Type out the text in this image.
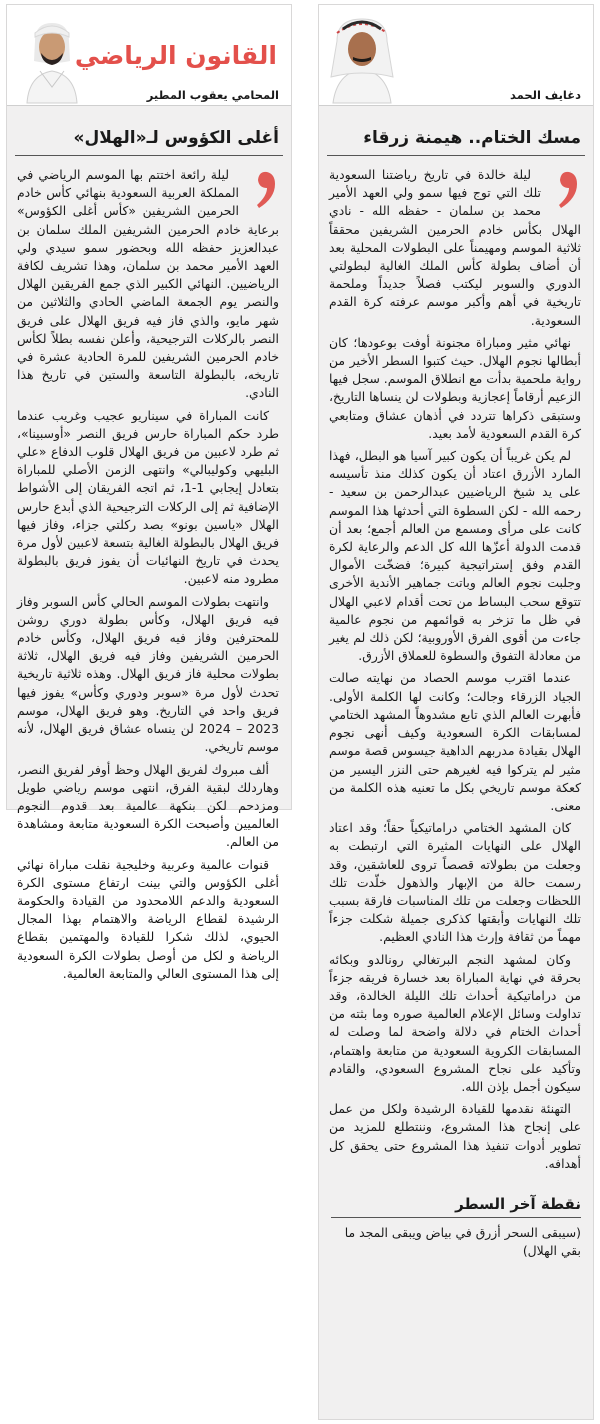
القانون الرياضي
المحامي يعقوب المطير
أغلى الكؤوس لـ«الهلال»

ليلة رائعة اختتم بها الموسم الرياضي في المملكة العربية السعودية بنهائي كأس خادم الحرمين الشريفين «كأس أغلى الكؤوس» برعاية خادم الحرمين الشريفين الملك سلمان بن عبدالعزيز حفظه الله وبحضور سمو سيدي ولي العهد الأمير محمد بن سلمان، وهذا تشريف لكافة الرياضيين. النهائي الكبير الذي جمع الفريقين الهلال والنصر يوم الجمعة الماضي الحادي والثلاثين من شهر مايو، والذي فاز فيه فريق الهلال على فريق النصر بالركلات الترجيحية، وأعلن نفسه بطلاً لكأس خادم الحرمين الشريفين للمرة الحادية عشرة في تاريخه، بالبطولة التاسعة والستين في تاريخ هذا النادي.

كانت المباراة في سيناريو عجيب وغريب عندما طرد حكم المباراة حارس فريق النصر «أوسبينا»، ثم طرد لاعبين من فريق الهلال قلوب الدفاع «علي البليهي وكوليبالي» وانتهى الزمن الأصلي للمباراة بتعادل إيجابي 1-1، ثم اتجه الفريقان إلى الأشواط الإضافية ثم إلى الركلات الترجيحية الذي أبدع حارس الهلال «ياسين بونو» بصد ركلتي جزاء، وفاز فيها فريق الهلال بالبطولة الغالية بتسعة لاعبين لأول مرة يحدث في تاريخ النهائيات أن يفوز فريق بالبطولة مطرود منه لاعبين.

وانتهت بطولات الموسم الحالي كأس السوبر وفاز فيه فريق الهلال، وكأس بطولة دوري روشن للمحترفين وفاز فيه فريق الهلال، وكأس خادم الحرمين الشريفين وفاز فيه فريق الهلال، ثلاثة بطولات محلية فاز فريق الهلال. وهذه ثلاثية تاريخية تحدث لأول مرة «سوبر ودوري وكأس» يفوز فيها فريق واحد في التاريخ. وهو فريق الهلال، موسم 2023 – 2024 لن ينساه عشاق فريق الهلال، لأنه موسم تاريخي.

ألف مبروك لفريق الهلال وحظ أوفر لفريق النصر، وهاردلك لبقية الفرق، انتهى موسم رياضي طويل ومزدحم لكن بنكهة عالمية بعد قدوم النجوم العالميين وأصبحت الكرة السعودية متابعة ومشاهدة من العالم.

قنوات عالمية وعربية وخليجية نقلت مباراة نهائي أغلى الكؤوس والتي بينت ارتفاع مستوى الكرة السعودية والدعم اللامحدود من القيادة والحكومة الرشيدة لقطاع الرياضة والاهتمام بهذا المجال الحيوي، لذلك شكرا للقيادة والمهتمين بقطاع الرياضة و لكل من أوصل بطولات الكرة السعودية إلى هذا المستوى العالي والمتابعة العالمية.

دغايف الحمد
مسك الختام.. هيمنة زرقاء

ليلة خالدة في تاريخ رياضتنا السعودية تلك التي توج فيها سمو ولي العهد الأمير محمد بن سلمان - حفظه الله - نادي الهلال بكأس خادم الحرمين الشريفين محققاً ثلاثية الموسم ومهيمناً على البطولات المحلية بعد أن أضاف بطولة كأس الملك الغالية لبطولتي الدوري والسوبر ليكتب فصلاً جديداً وملحمة تاريخية في أهم وأكبر موسم عرفته كرة القدم السعودية.

نهائي مثير ومباراة مجنونة أوفت بوعودها؛ كان أبطالها نجوم الهلال. حيث كتبوا السطر الأخير من رواية ملحمية بدأت مع انطلاق الموسم. سجل فيها الزعيم أرقاماً إعجازية وبطولات لن ينساها التاريخ، وستبقى ذكراها تتردد في أذهان عشاق ومتابعي كرة القدم السعودية لأمد بعيد.

لم يكن غريباً أن يكون كبير آسيا هو البطل، فهذا المارد الأزرق اعتاد أن يكون كذلك منذ تأسيسه على يد شيخ الرياضيين عبدالرحمن بن سعيد - رحمه الله - لكن السطوة التي أحدثها هذا الموسم كانت على مرأى ومسمع من العالم أجمع؛ بعد أن قدمت الدولة أعزّها الله كل الدعم والرعاية لكرة القدم وفق إستراتيجية كبيرة؛ فضخّت الأموال وجلبت نجوم العالم وباتت جماهير الأندية الأخرى تتوقع سحب البساط من تحت أقدام لاعبي الهلال في ظل ما تزخر به قوائمهم من نجوم عالمية جاءت من أقوى الفرق الأوروبية؛ لكن ذلك لم يغير من معادلة التفوق والسطوة للعملاق الأزرق.

عندما اقترب موسم الحصاد من نهايته صالت الجياد الزرقاء وجالت؛ وكانت لها الكلمة الأولى. فأبهرت العالم الذي تابع مشدوهاً المشهد الختامي لمسابقات الكرة السعودية وكيف أنهى نجوم الهلال بقيادة مدربهم الداهية جيسوس قصة موسم مثير لم يتركوا فيه لغيرهم حتى النزر اليسير من كعكة موسم تاريخي بكل ما تعنيه هذه الكلمة من معنى.

كان المشهد الختامي دراماتيكياً حقاً؛ وقد اعتاد الهلال على النهايات المثيرة التي ارتبطت به وجعلت من بطولاته قصصاً تروى للعاشقين، وقد رسمت حالة من الإبهار والذهول خلّدت تلك اللحظات وجعلت من تلك المناسبات فارقة بسبب تلك النهايات وأبقتها كذكرى جميلة شكلت جزءاً مهماً من ثقافة وإرث هذا النادي العظيم.

وكان لمشهد النجم البرتغالي رونالدو وبكائه بحرقة في نهاية المباراة بعد خسارة فريقه جزءاً من دراماتيكية أحداث تلك الليلة الخالدة، وقد تداولت وسائل الإعلام العالمية صوره وما بثته من أحداث الختام في دلالة واضحة لما وصلت له المسابقات الكروية السعودية من متابعة واهتمام، وتأكيد على نجاح المشروع السعودي، والقادم سيكون أجمل بإذن الله.

التهنئة نقدمها للقيادة الرشيدة ولكل من عمل على إنجاح هذا المشروع، وننتطلع للمزيد من تطوير أدوات تنفيذ هذا المشروع حتى يحقق كل أهدافه.

نقطة آخر السطر

(سيبقى السحر أزرق في بياض ويبقى المجد ما بقي الهلال)
